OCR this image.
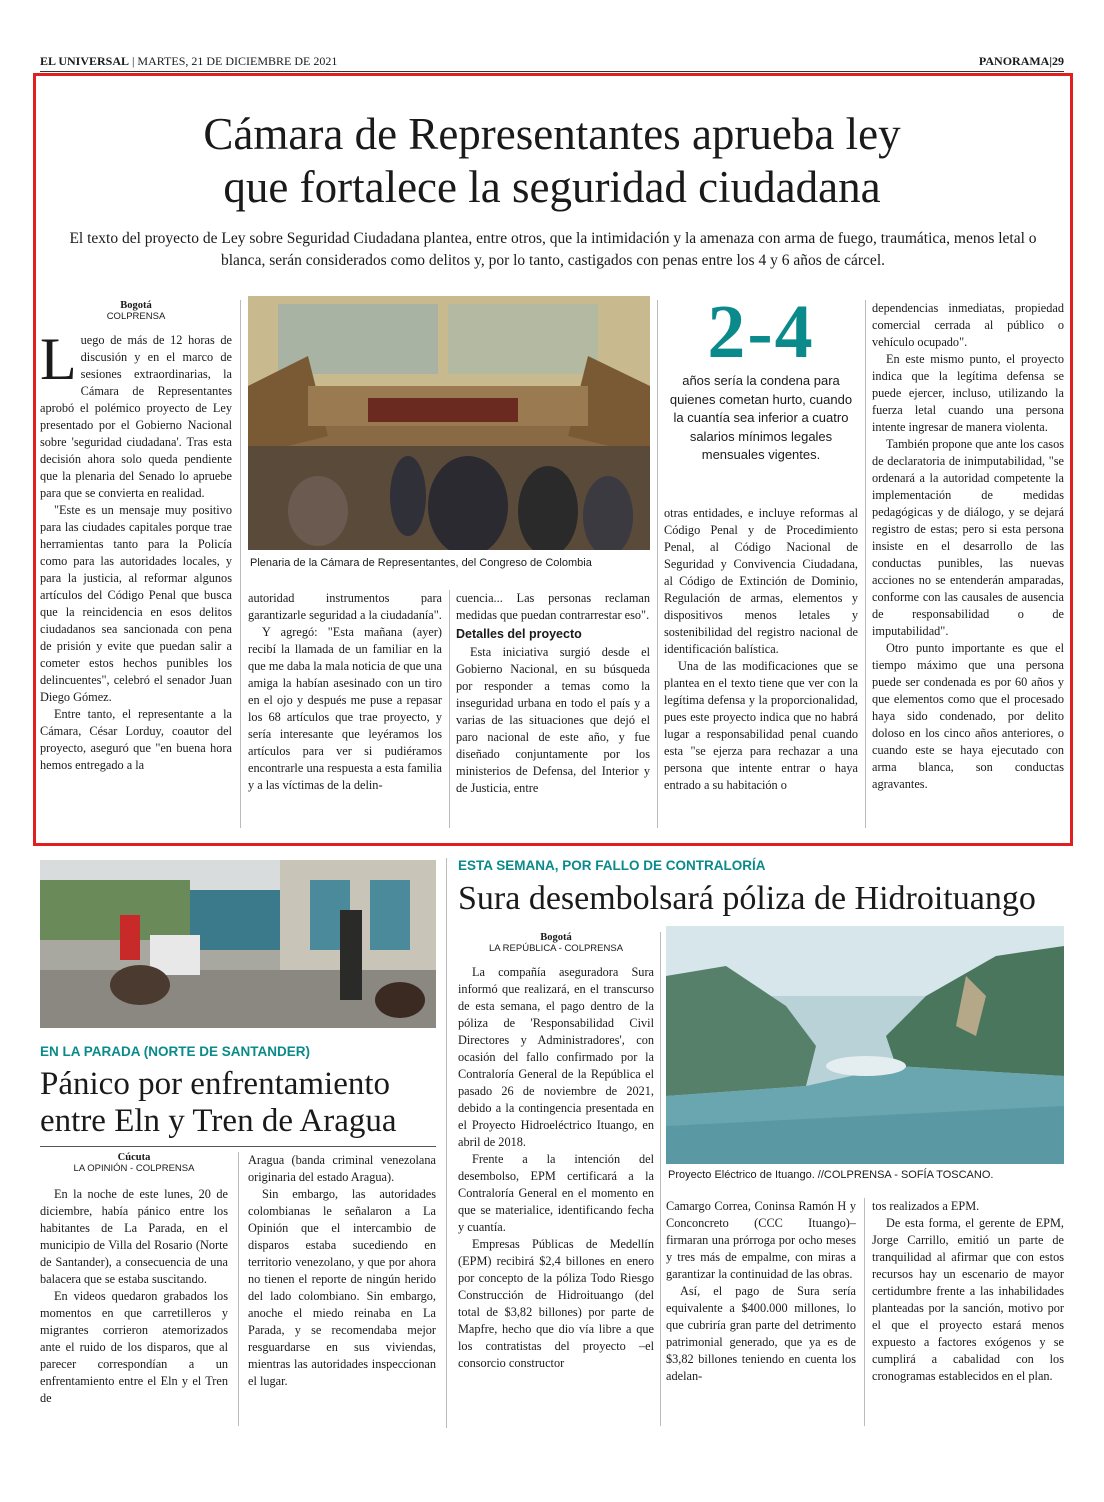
EL UNIVERSAL | MARTES, 21 DE DICIEMBRE DE 2021	PANORAMA|29
Cámara de Representantes aprueba ley
que fortalece la seguridad ciudadana
El texto del proyecto de Ley sobre Seguridad Ciudadana plantea, entre otros, que la intimidación y la amenaza con arma de fuego, traumática, menos letal o blanca, serán considerados como delitos y, por lo tanto, castigados con penas entre los 4 y 6 años de cárcel.
Bogotá
COLPRENSA
L uego de más de 12 horas de discusión y en el marco de sesiones extraordinarias, la Cámara de Representantes aprobó el polémico proyecto de Ley presentado por el Gobierno Nacional sobre 'seguridad ciudadana'. Tras esta decisión ahora solo queda pendiente que la plenaria del Senado lo apruebe para que se convierta en realidad.

"Este es un mensaje muy positivo para las ciudades capitales porque trae herramientas tanto para la Policía como para las autoridades locales, y para la justicia, al reformar algunos artículos del Código Penal que busca que la reincidencia en esos delitos ciudadanos sea sancionada con pena de prisión y evite que puedan salir a cometer estos hechos punibles los delincuentes", celebró el senador Juan Diego Gómez.

Entre tanto, el representante a la Cámara, César Lorduy, coautor del proyecto, aseguró que "en buena hora hemos entregado a la

Plenaria de la Cámara de Representantes, del Congreso de Colombia

autoridad instrumentos para garantizarle seguridad a la ciudadanía".

Y agregó: "Esta mañana (ayer) recibí la llamada de un familiar en la que me daba la mala noticia de que una amiga la habían asesinado con un tiro en el ojo y después me puse a repasar los 68 artículos que trae proyecto, y sería interesante que leyéramos los artículos para ver si pudiéramos encontrarle una respuesta a esta familia y a las víctimas de la delin-

cuencia... Las personas reclaman medidas que puedan contrarrestar eso".

Detalles del proyecto

Esta iniciativa surgió desde el Gobierno Nacional, en su búsqueda por responder a temas como la inseguridad urbana en todo el país y a varias de las situaciones que dejó el paro nacional de este año, y fue diseñado conjuntamente por los ministerios de Defensa, del Interior y de Justicia, entre

2-4
años sería la condena para quienes cometan hurto, cuando la cuantía sea inferior a cuatro salarios mínimos legales mensuales vigentes.

otras entidades, e incluye reformas al Código Penal y de Procedimiento Penal, al Código Nacional de Seguridad y Convivencia Ciudadana, al Código de Extinción de Dominio, Regulación de armas, elementos y dispositivos menos letales y sostenibilidad del registro nacional de identificación balística.

Una de las modificaciones que se plantea en el texto tiene que ver con la legítima defensa y la proporcionalidad, pues este proyecto indica que no habrá lugar a responsabilidad penal cuando esta "se ejerza para rechazar a una persona que intente entrar o haya entrado a su habitación o

dependencias inmediatas, propiedad comercial cerrada al público o vehículo ocupado".

En este mismo punto, el proyecto indica que la legítima defensa se puede ejercer, incluso, utilizando la fuerza letal cuando una persona intente ingresar de manera violenta.

También propone que ante los casos de declaratoria de inimputabilidad, "se ordenará a la autoridad competente la implementación de medidas pedagógicas y de diálogo, y se dejará registro de estas; pero si esta persona insiste en el desarrollo de las conductas punibles, las nuevas acciones no se entenderán amparadas, conforme con las causales de ausencia de responsabilidad o de imputabilidad".

Otro punto importante es que el tiempo máximo que una persona puede ser condenada es por 60 años y que elementos como que el procesado haya sido condenado, por delito doloso en los cinco años anteriores, o cuando este se haya ejecutado con arma blanca, son conductas agravantes.

EN LA PARADA (NORTE DE SANTANDER)
Pánico por enfrentamiento
entre Eln y Tren de Aragua
Cúcuta
LA OPINIÓN - COLPRENSA

En la noche de este lunes, 20 de diciembre, había pánico entre los habitantes de La Parada, en el municipio de Villa del Rosario (Norte de Santander), a consecuencia de una balacera que se estaba suscitando.

En videos quedaron grabados los momentos en que carretilleros y migrantes corrieron atemorizados ante el ruido de los disparos, que al parecer correspondían a un enfrentamiento entre el Eln y el Tren de

Aragua (banda criminal venezolana originaria del estado Aragua).

Sin embargo, las autoridades colombianas le señalaron a La Opinión que el intercambio de disparos estaba sucediendo en territorio venezolano, y que por ahora no tienen el reporte de ningún herido del lado colombiano. Sin embargo, anoche el miedo reinaba en La Parada, y se recomendaba mejor resguardarse en sus viviendas, mientras las autoridades inspeccionan el lugar.

ESTA SEMANA, POR FALLO DE CONTRALORÍA
Sura desembolsará póliza de Hidroituango
Bogotá
LA REPÚBLICA - COLPRENSA

La compañía aseguradora Sura informó que realizará, en el transcurso de esta semana, el pago dentro de la póliza de 'Responsabilidad Civil Directores y Administradores', con ocasión del fallo confirmado por la Contraloría General de la República el pasado 26 de noviembre de 2021, debido a la contingencia presentada en el Proyecto Hidroeléctrico Ituango, en abril de 2018.

Frente a la intención del desembolso, EPM certificará a la Contraloría General en el momento en que se materialice, identificando fecha y cuantía.

Empresas Públicas de Medellín (EPM) recibirá $2,4 billones en enero por concepto de la póliza Todo Riesgo Construcción de Hidroituango (del total de $3,82 billones) por parte de Mapfre, hecho que dio vía libre a que los contratistas del proyecto –el consorcio constructor

Proyecto Eléctrico de Ituango. //COLPRENSA - SOFÍA TOSCANO.

Camargo Correa, Coninsa Ramón H y Conconcreto (CCC Ituango)– firmaran una prórroga por ocho meses y tres más de empalme, con miras a garantizar la continuidad de las obras.

Así, el pago de Sura sería equivalente a $400.000 millones, lo que cubriría gran parte del detrimento patrimonial generado, que ya es de $3,82 billones teniendo en cuenta los adelan-

tos realizados a EPM.

De esta forma, el gerente de EPM, Jorge Carrillo, emitió un parte de tranquilidad al afirmar que con estos recursos hay un escenario de mayor certidumbre frente a las inhabilidades planteadas por la sanción, motivo por el que el proyecto estará menos expuesto a factores exógenos y se cumplirá a cabalidad con los cronogramas establecidos en el plan.
